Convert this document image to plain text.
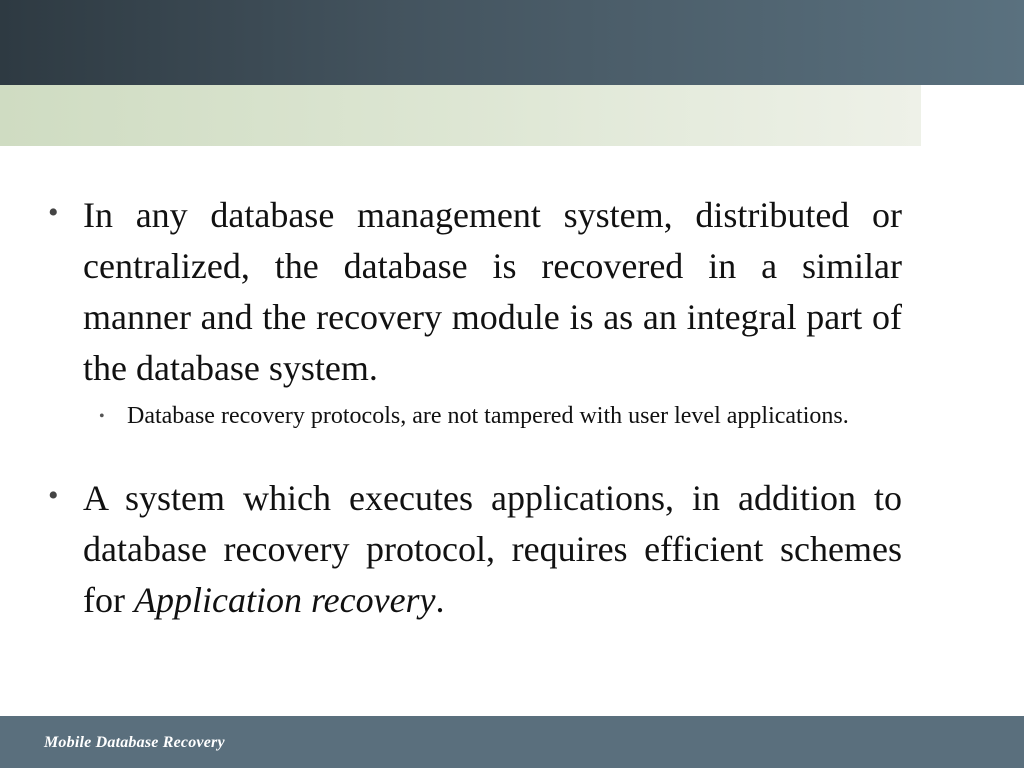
• In any database management system, distributed or centralized, the database is recovered in a similar manner and the recovery module is as an integral part of the database system.

• Database recovery protocols, are not tampered with user level applications.

• A system which executes applications, in addition to database recovery protocol, requires efficient schemes for Application recovery.

Mobile Database Recovery
